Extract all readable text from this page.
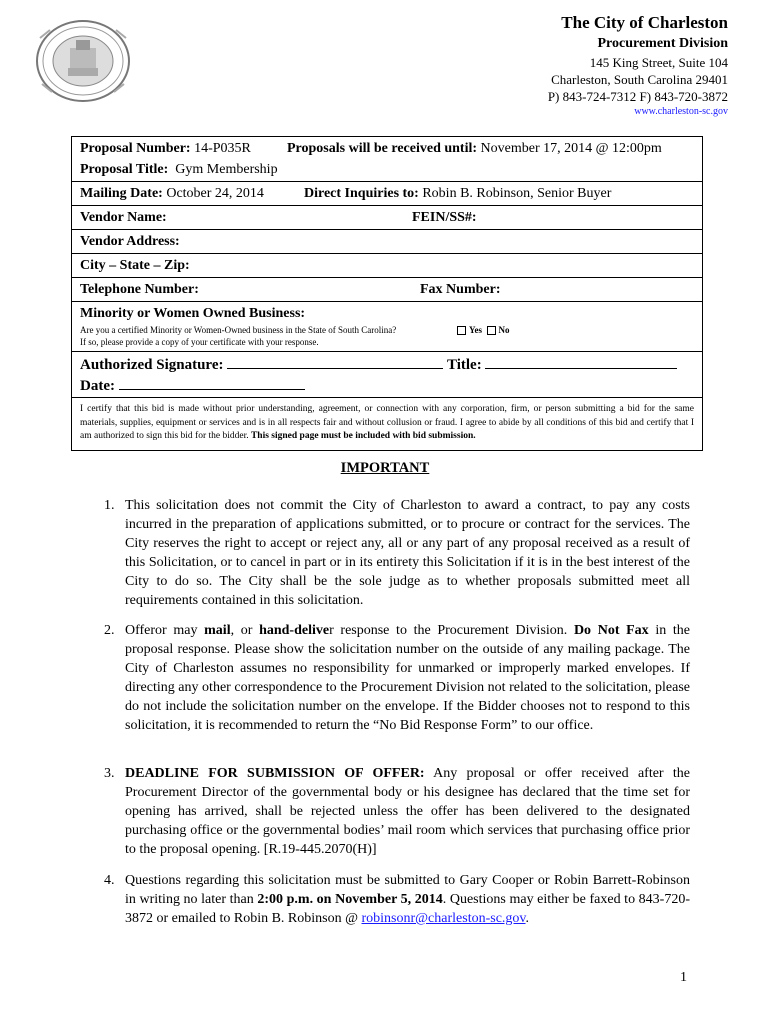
The City of Charleston
Procurement Division
145 King Street, Suite 104
Charleston, South Carolina 29401
P) 843-724-7312 F) 843-720-3872
www.charleston-sc.gov
Proposal Number: 14-P035R	Proposals will be received until: November 17, 2014 @ 12:00pm
Proposal Title: Gym Membership
Mailing Date: October 24, 2014	Direct Inquiries to: Robin B. Robinson, Senior Buyer
Vendor Name:	FEIN/SS#:
Vendor Address:
City – State – Zip:
Telephone Number:	Fax Number:
Minority or Women Owned Business:
Are you a certified Minority or Women-Owned business in the State of South Carolina?	Yes No
If so, please provide a copy of your certificate with your response.
Authorized Signature:	Title:
Date:
I certify that this bid is made without prior understanding, agreement, or connection with any corporation, firm, or person submitting a bid for the same materials, supplies, equipment or services and is in all respects fair and without collusion or fraud. I agree to abide by all conditions of this bid and certify that I am authorized to sign this bid for the bidder. This signed page must be included with bid submission.
IMPORTANT
1. This solicitation does not commit the City of Charleston to award a contract, to pay any costs incurred in the preparation of applications submitted, or to procure or contract for the services. The City reserves the right to accept or reject any, all or any part of any proposal received as a result of this Solicitation, or to cancel in part or in its entirety this Solicitation if it is in the best interest of the City to do so. The City shall be the sole judge as to whether proposals submitted meet all requirements contained in this solicitation.
2. Offeror may mail, or hand-deliver response to the Procurement Division. Do Not Fax in the proposal response. Please show the solicitation number on the outside of any mailing package. The City of Charleston assumes no responsibility for unmarked or improperly marked envelopes. If directing any other correspondence to the Procurement Division not related to the solicitation, please do not include the solicitation number on the envelope. If the Bidder chooses not to respond to this solicitation, it is recommended to return the “No Bid Response Form” to our office.
3. DEADLINE FOR SUBMISSION OF OFFER: Any proposal or offer received after the Procurement Director of the governmental body or his designee has declared that the time set for opening has arrived, shall be rejected unless the offer has been delivered to the designated purchasing office or the governmental bodies’ mail room which services that purchasing office prior to the proposal opening. [R.19-445.2070(H)]
4. Questions regarding this solicitation must be submitted to Gary Cooper or Robin Barrett-Robinson in writing no later than 2:00 p.m. on November 5, 2014. Questions may either be faxed to 843-720-3872 or emailed to Robin B. Robinson @ robinsonr@charleston-sc.gov.
1
